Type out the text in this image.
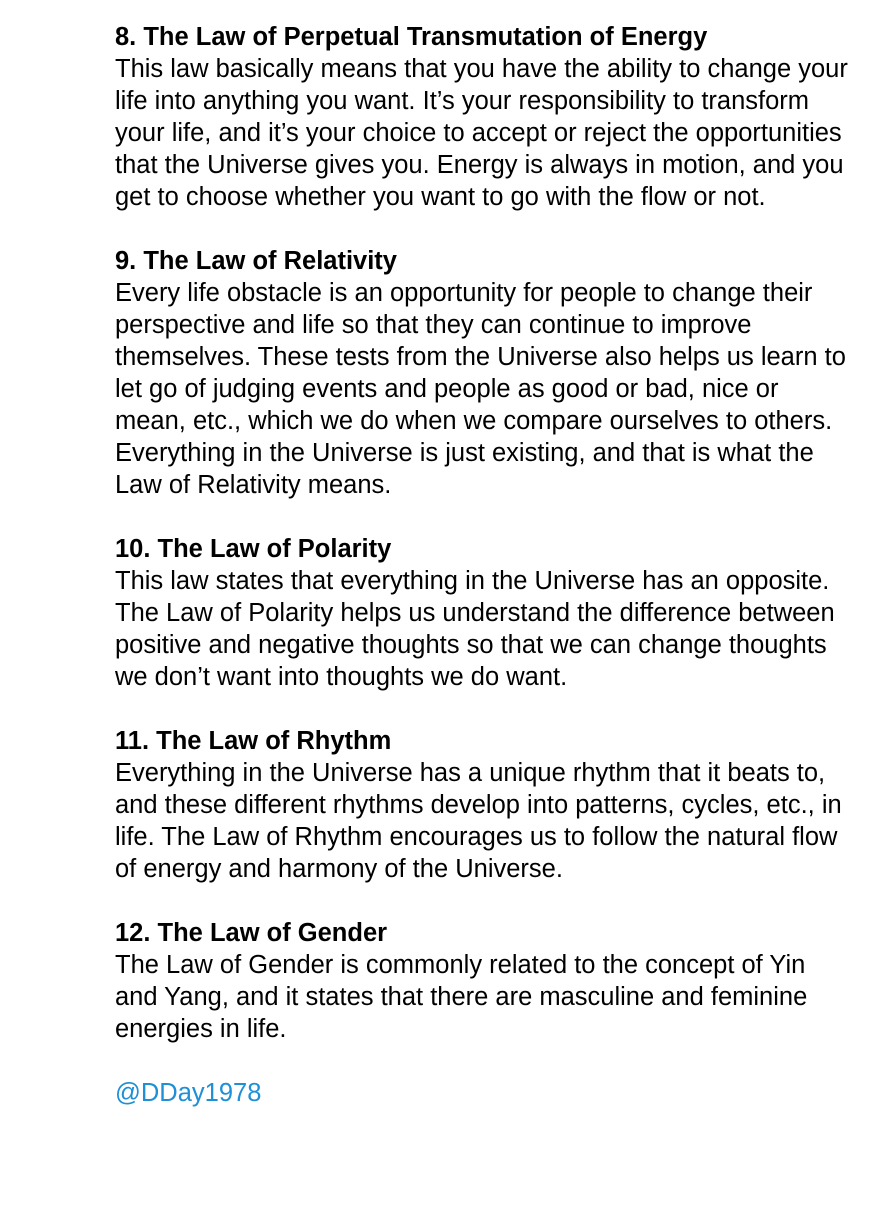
8. The Law of Perpetual Transmutation of Energy
This law basically means that you have the ability to change your life into anything you want. It’s your responsibility to transform your life, and it’s your choice to accept or reject the opportunities that the Universe gives you. Energy is always in motion, and you get to choose whether you want to go with the flow or not.
9. The Law of Relativity
Every life obstacle is an opportunity for people to change their perspective and life so that they can continue to improve themselves. These tests from the Universe also helps us learn to let go of judging events and people as good or bad, nice or mean, etc., which we do when we compare ourselves to others. Everything in the Universe is just existing, and that is what the Law of Relativity means.
10. The Law of Polarity
This law states that everything in the Universe has an opposite. The Law of Polarity helps us understand the difference between positive and negative thoughts so that we can change thoughts we don’t want into thoughts we do want.
11. The Law of Rhythm
Everything in the Universe has a unique rhythm that it beats to, and these different rhythms develop into patterns, cycles, etc., in life. The Law of Rhythm encourages us to follow the natural flow of energy and harmony of the Universe.
12. The Law of Gender
The Law of Gender is commonly related to the concept of Yin and Yang, and it states that there are masculine and feminine energies in life.
@DDay1978
